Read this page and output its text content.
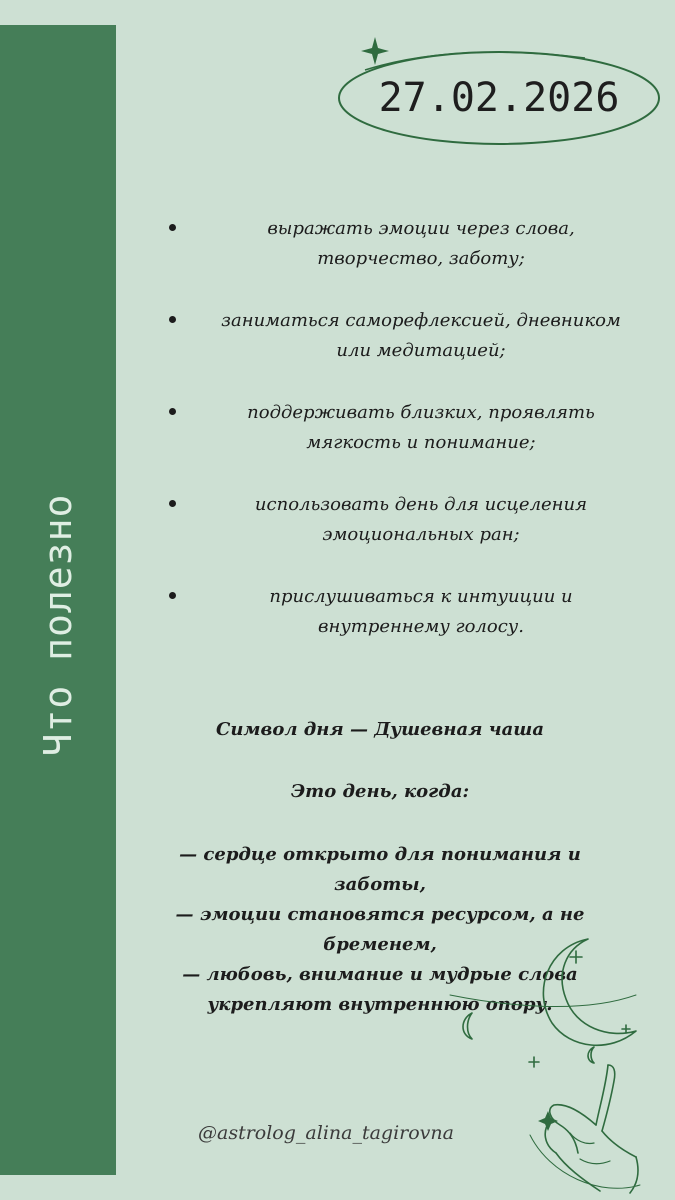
Что полезно
27.02.2026
выражать эмоции через слова, творчество, заботу;
заниматься саморефлексией, дневником или медитацией;
поддерживать близких, проявлять мягкость и понимание;
использовать день для исцеления эмоциональных ран;
прислушиваться к интуиции и внутреннему голосу.
Символ дня — Душевная чаша
Это день, когда:
— сердце открыто для понимания и заботы,
— эмоции становятся ресурсом, а не бременем,
— любовь, внимание и мудрые слова укрепляют внутреннюю опору.
@astrolog_alina_tagirovna
